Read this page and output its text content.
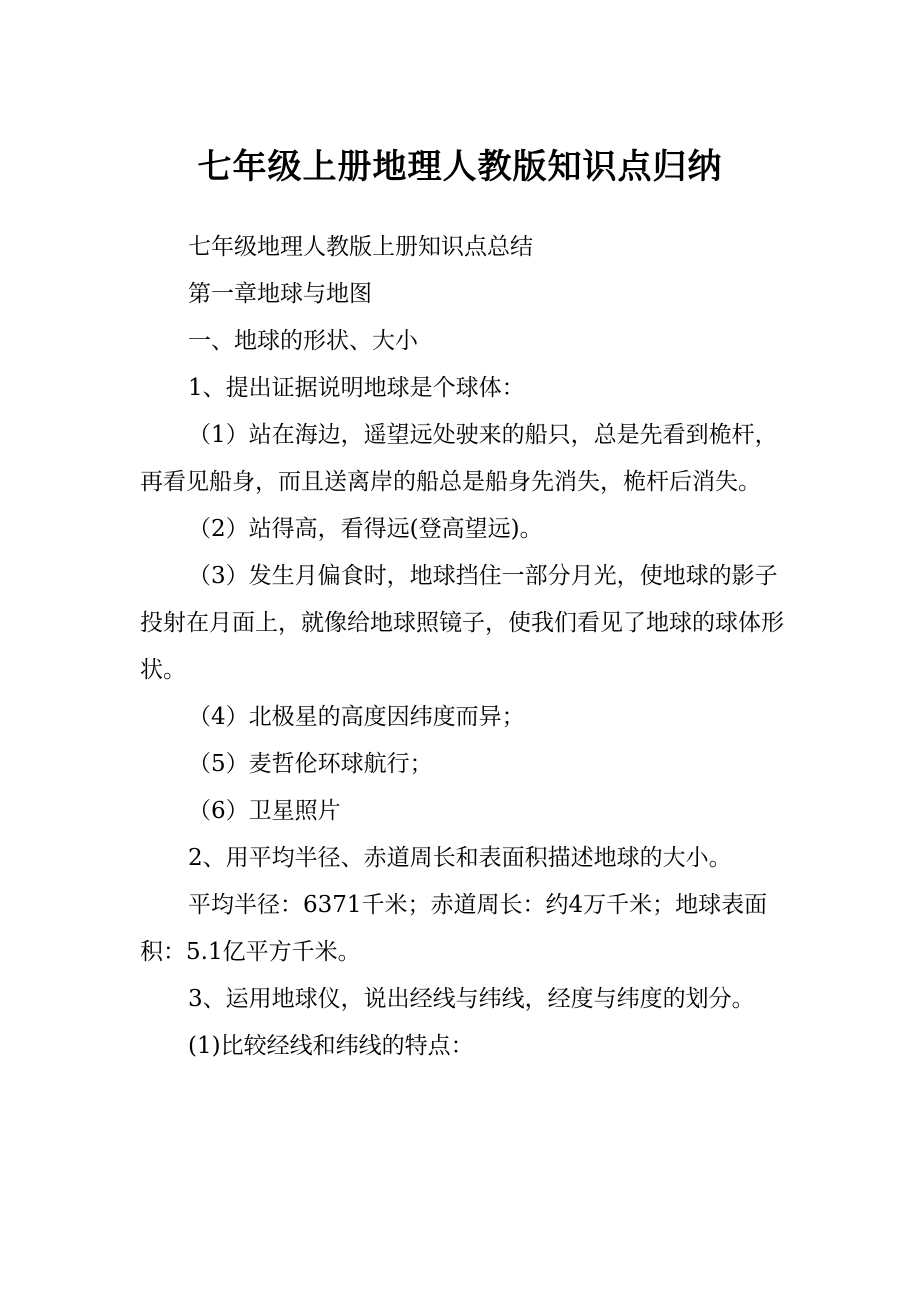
七年级上册地理人教版知识点归纳

七年级地理人教版上册知识点总结

第一章地球与地图

一、地球的形状、大小

1、提出证据说明地球是个球体：

（1）站在海边，遥望远处驶来的船只，总是先看到桅杆，再看见船身，而且送离岸的船总是船身先消失，桅杆后消失。

（2）站得高，看得远(登高望远)。

（3）发生月偏食时，地球挡住一部分月光，使地球的影子投射在月面上，就像给地球照镜子，使我们看见了地球的球体形状。

（4）北极星的高度因纬度而异；

（5）麦哲伦环球航行；

（6）卫星照片

2、用平均半径、赤道周长和表面积描述地球的大小。

平均半径：6371千米；赤道周长：约4万千米；地球表面积：5.1亿平方千米。

3、运用地球仪，说出经线与纬线，经度与纬度的划分。

(1)比较经线和纬线的特点：
